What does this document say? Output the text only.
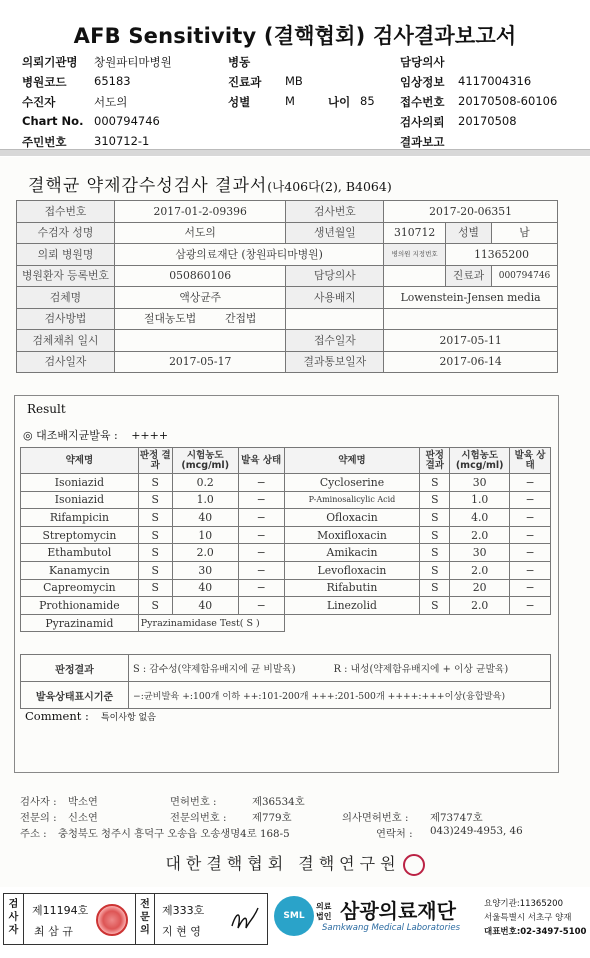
AFB Sensitivity (결핵협회) 검사결과보고서
의뢰기관명 창원파티마병원	병동	담당의사
병원코드 65183	진료과 MB	임상정보 4117004316
수진자	서도의	성별	M	나이 85 접수번호 20170508-60106
Chart No. 000794746	검사의뢰 20170508
주민번호 310712-1	결과보고
결핵균 약제감수성검사 결과서(나406다(2), B4064)
접수번호	2017-01-2-09396	검사번호	2017-20-06351		
수검자 성명	서도의	생년월일	310712	성별	남
의뢰 병원명	삼광의료재단 (창원파티마병원)		병의원 지정번호	11365200	
병원환자 등록번호	050860106	담당의사		진료과	000794746
검체명	액상균주	사용배지	Lowenstein-Jensen media		
검사방법	절대농도법 간접법				
검체채취 일시		접수일자	2017-05-11		
검사일자	2017-05-17	결과통보일자	2017-06-14		
Result
◎ 대조배지균발육 : ++++
약제명	판정 결과	시험농도 (mcg/ml)	발육 상태	약제명	판정 결과	시험농도 (mcg/ml)	발육 상태
Isoniazid	S	0.2	−	Cycloserine	S	30	−
Isoniazid	S	1.0	−	P-Aminosalicylic Acid	S	1.0	−
Rifampicin	S	40	−	Ofloxacin	S	4.0	−
Streptomycin	S	10	−	Moxifloxacin	S	2.0	−
Ethambutol	S	2.0	−	Amikacin	S	30	−
Kanamycin	S	30	−	Levofloxacin	S	2.0	−
Capreomycin	S	40	−	Rifabutin	S	20	−
Prothionamide	S	40	−	Linezolid	S	2.0	−
Pyrazinamid	Pyrazinamidase Test( S )						
판정결과	S : 감수성(약제함유배지에 균 비발육) R : 내성(약제함유배지에 + 이상 균발육)
발육상태표시기준	−:균비발육 +:100개 이하 ++:101-200개 +++:201-500개 ++++:+++이상(융합발육)
Comment : 특이사항 없음
검사자 : 박소연	면허번호 :	제36534호
전문의 : 신소연	전문의번호 : 제779호	의사면허번호 : 제73747호
주소 : 충청북도 청주시 흥덕구 오송읍 오송생명4로 168-5	연락처 : 043)249-4953, 46
대한결핵협회 결핵연구원
검
사
자
제11194호
최 삼 규
전
문
의
제333호
지 현 영
SML
의료 법인 삼광의료재단
Samkwang Medical Laboratories
요양기관:11365200
서울특별시 서초구 양재
대표번호:02-3497-5100
